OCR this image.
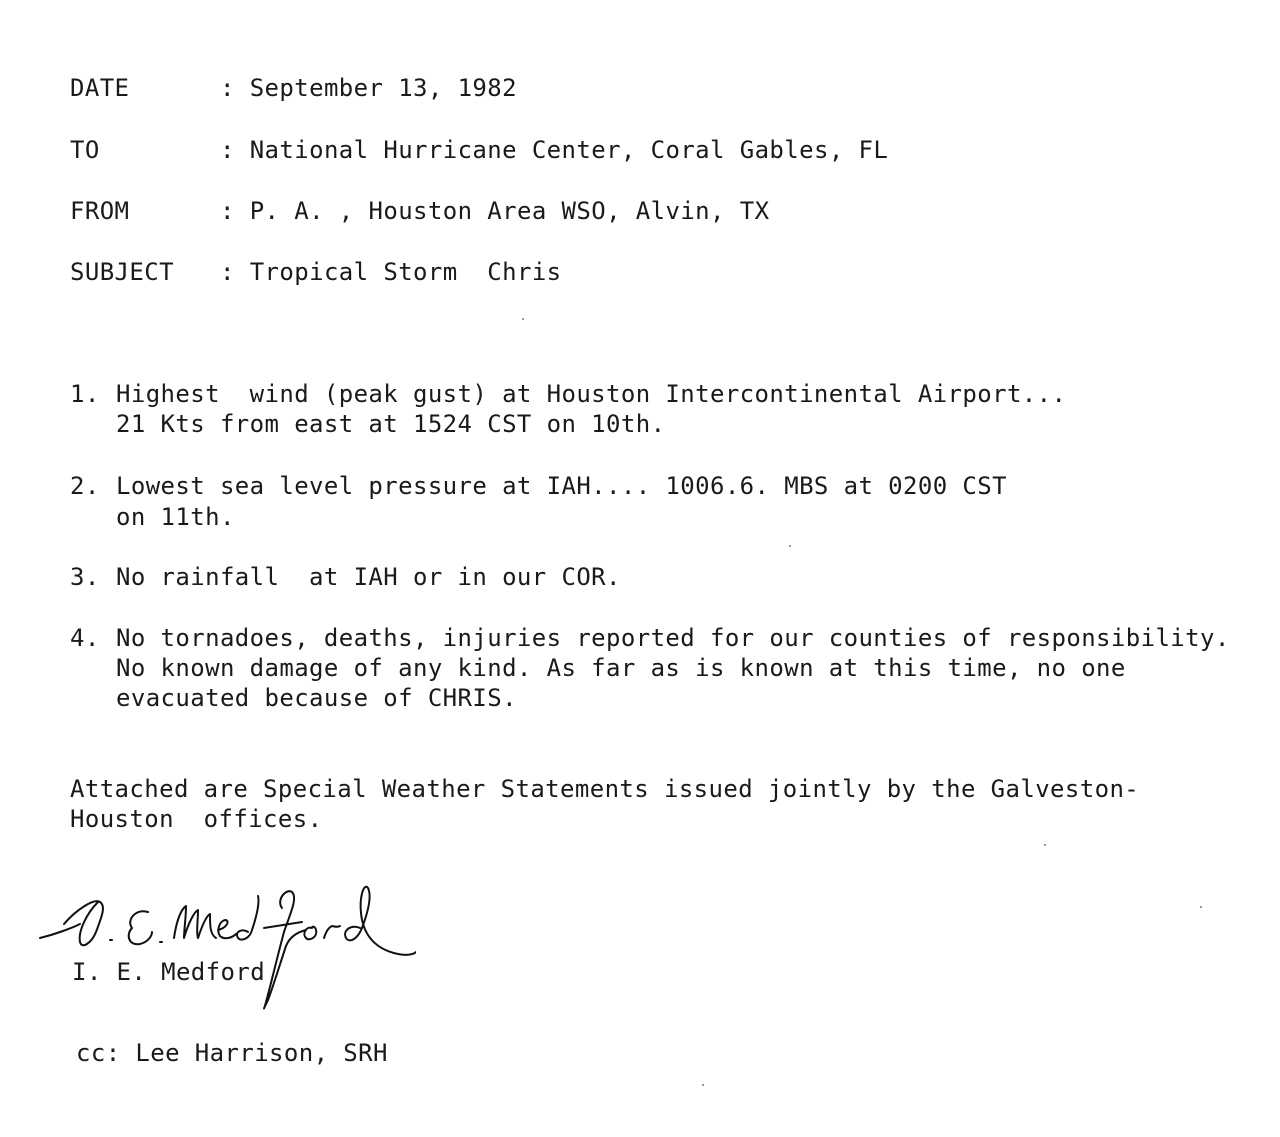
DATE	: September 13, 1982
TO	: National Hurricane Center, Coral Gables, FL
FROM	: P. A. , Houston Area WSO, Alvin, TX
SUBJECT : Tropical Storm  Chris
1. Highest  wind (peak gust) at Houston Intercontinental Airport...
21 Kts from east at 1524 CST on 10th.
2. Lowest sea level pressure at IAH.... 1006.6. MBS at 0200 CST
on 11th.
3. No rainfall  at IAH or in our COR.
4. No tornadoes, deaths, injuries reported for our counties of responsibility.
No known damage of any kind. As far as is known at this time, no one
evacuated because of CHRIS.
Attached are Special Weather Statements issued jointly by the Galveston-
Houston  offices.
I. E. Medford
cc: Lee Harrison, SRH
